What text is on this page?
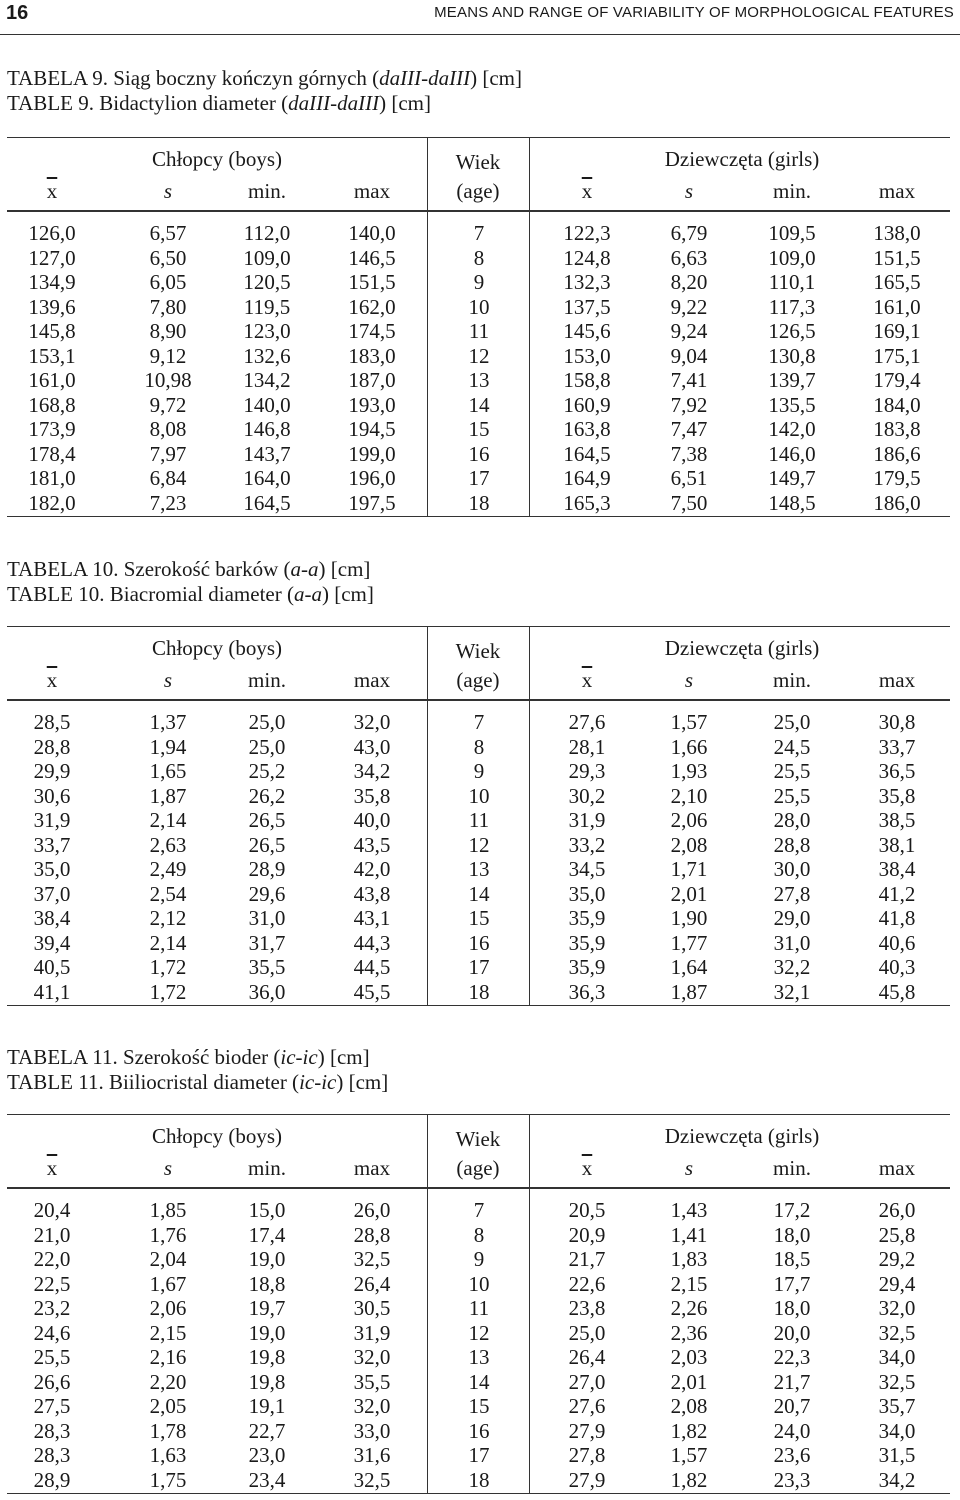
16	MEANS AND RANGE OF VARIABILITY OF MORPHOLOGICAL FEATURES
TABELA 9. Siąg boczny kończyn górnych (daIII-daIII) [cm]
TABLE 9. Bidactylion diameter (daIII-daIII) [cm]
Chłopcy (boys)	Dziewczęta (girls)
Wiek
(age)
$\overline{x}$	s	min.	max	$\overline{x}$	s	min.	max
126,0	6,57	112,0	140,0	7	122,3	6,79	109,5	138,0
127,0	6,50	109,0	146,5	8	124,8	6,63	109,0	151,5
134,9	6,05	120,5	151,5	9	132,3	8,20	110,1	165,5
139,6	7,80	119,5	162,0	10	137,5	9,22	117,3	161,0
145,8	8,90	123,0	174,5	11	145,6	9,24	126,5	169,1
153,1	9,12	132,6	183,0	12	153,0	9,04	130,8	175,1
161,0	10,98	134,2	187,0	13	158,8	7,41	139,7	179,4
168,8	9,72	140,0	193,0	14	160,9	7,92	135,5	184,0
173,9	8,08	146,8	194,5	15	163,8	7,47	142,0	183,8
178,4	7,97	143,7	199,0	16	164,5	7,38	146,0	186,6
181,0	6,84	164,0	196,0	17	164,9	6,51	149,7	179,5
182,0	7,23	164,5	197,5	18	165,3	7,50	148,5	186,0
TABELA 10. Szerokość barków (a-a) [cm]
TABLE 10. Biacromial diameter (a-a) [cm]
Chłopcy (boys)	Dziewczęta (girls)
Wiek
(age)
$\overline{x}$	s	min.	max	$\overline{x}$	s	min.	max
28,5	1,37	25,0	32,0	7	27,6	1,57	25,0	30,8
28,8	1,94	25,0	43,0	8	28,1	1,66	24,5	33,7
29,9	1,65	25,2	34,2	9	29,3	1,93	25,5	36,5
30,6	1,87	26,2	35,8	10	30,2	2,10	25,5	35,8
31,9	2,14	26,5	40,0	11	31,9	2,06	28,0	38,5
33,7	2,63	26,5	43,5	12	33,2	2,08	28,8	38,1
35,0	2,49	28,9	42,0	13	34,5	1,71	30,0	38,4
37,0	2,54	29,6	43,8	14	35,0	2,01	27,8	41,2
38,4	2,12	31,0	43,1	15	35,9	1,90	29,0	41,8
39,4	2,14	31,7	44,3	16	35,9	1,77	31,0	40,6
40,5	1,72	35,5	44,5	17	35,9	1,64	32,2	40,3
41,1	1,72	36,0	45,5	18	36,3	1,87	32,1	45,8
TABELA 11. Szerokość bioder (ic-ic) [cm]
TABLE 11. Biiliocristal diameter (ic-ic) [cm]
Chłopcy (boys)	Dziewczęta (girls)
Wiek
(age)
$\overline{x}$	s	min.	max	$\overline{x}$	s	min.	max
20,4	1,85	15,0	26,0	7	20,5	1,43	17,2	26,0
21,0	1,76	17,4	28,8	8	20,9	1,41	18,0	25,8
22,0	2,04	19,0	32,5	9	21,7	1,83	18,5	29,2
22,5	1,67	18,8	26,4	10	22,6	2,15	17,7	29,4
23,2	2,06	19,7	30,5	11	23,8	2,26	18,0	32,0
24,6	2,15	19,0	31,9	12	25,0	2,36	20,0	32,5
25,5	2,16	19,8	32,0	13	26,4	2,03	22,3	34,0
26,6	2,20	19,8	35,5	14	27,0	2,01	21,7	32,5
27,5	2,05	19,1	32,0	15	27,6	2,08	20,7	35,7
28,3	1,78	22,7	33,0	16	27,9	1,82	24,0	34,0
28,3	1,63	23,0	31,6	17	27,8	1,57	23,6	31,5
28,9	1,75	23,4	32,5	18	27,9	1,82	23,3	34,2
